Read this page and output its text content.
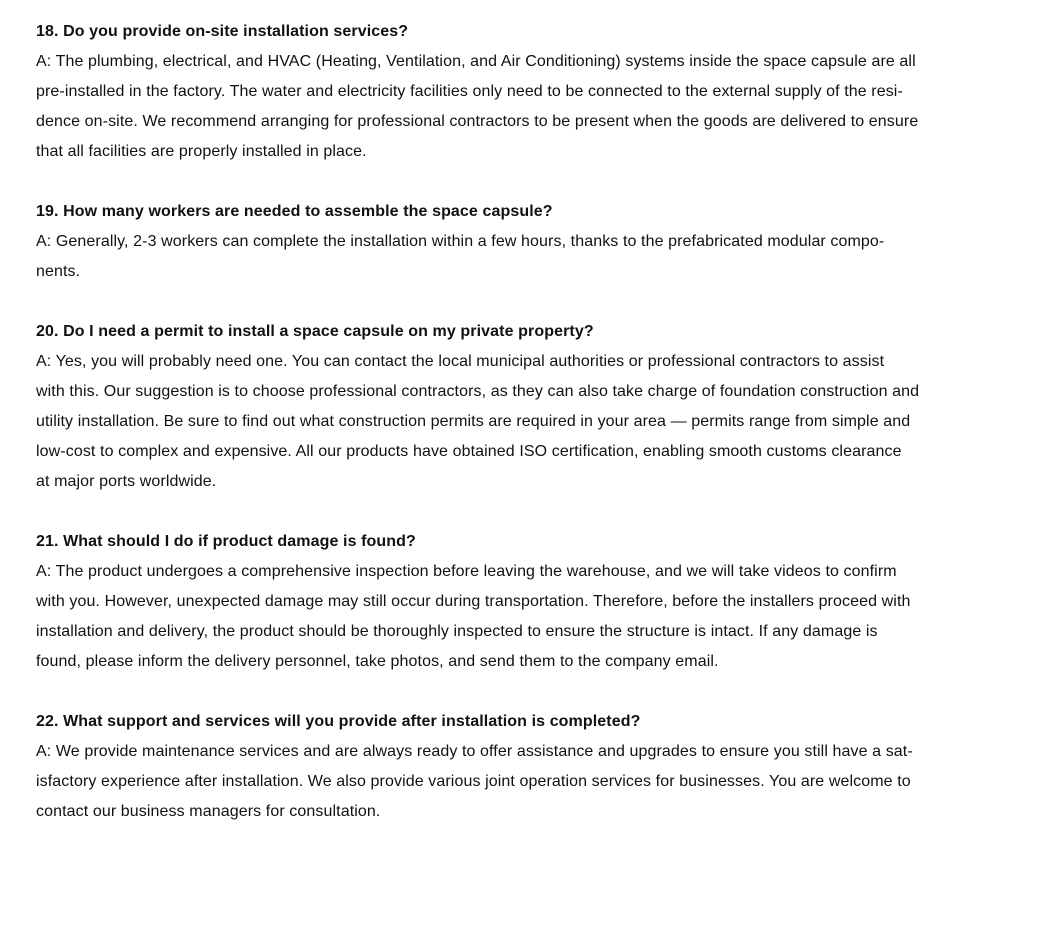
18. Do you provide on-site installation services?
A: The plumbing, electrical, and HVAC (Heating, Ventilation, and Air Conditioning) systems inside the space capsule are all
pre-installed in the factory. The water and electricity facilities only need to be connected to the external supply of the resi-
dence on-site. We recommend arranging for professional contractors to be present when the goods are delivered to ensure
that all facilities are properly installed in place.
19. How many workers are needed to assemble the space capsule?
A: Generally, 2-3 workers can complete the installation within a few hours, thanks to the prefabricated modular compo-
nents.
20. Do I need a permit to install a space capsule on my private property?
A: Yes, you will probably need one. You can contact the local municipal authorities or professional contractors to assist
with this. Our suggestion is to choose professional contractors, as they can also take charge of foundation construction and
utility installation. Be sure to find out what construction permits are required in your area — permits range from simple and
low-cost to complex and expensive. All our products have obtained ISO certification, enabling smooth customs clearance
at major ports worldwide.
21. What should I do if product damage is found?
A: The product undergoes a comprehensive inspection before leaving the warehouse, and we will take videos to confirm
with you. However, unexpected damage may still occur during transportation. Therefore, before the installers proceed with
installation and delivery, the product should be thoroughly inspected to ensure the structure is intact. If any damage is
found, please inform the delivery personnel, take photos, and send them to the company email.
22. What support and services will you provide after installation is completed?
A: We provide maintenance services and are always ready to offer assistance and upgrades to ensure you still have a sat-
isfactory experience after installation. We also provide various joint operation services for businesses. You are welcome to
contact our business managers for consultation.
